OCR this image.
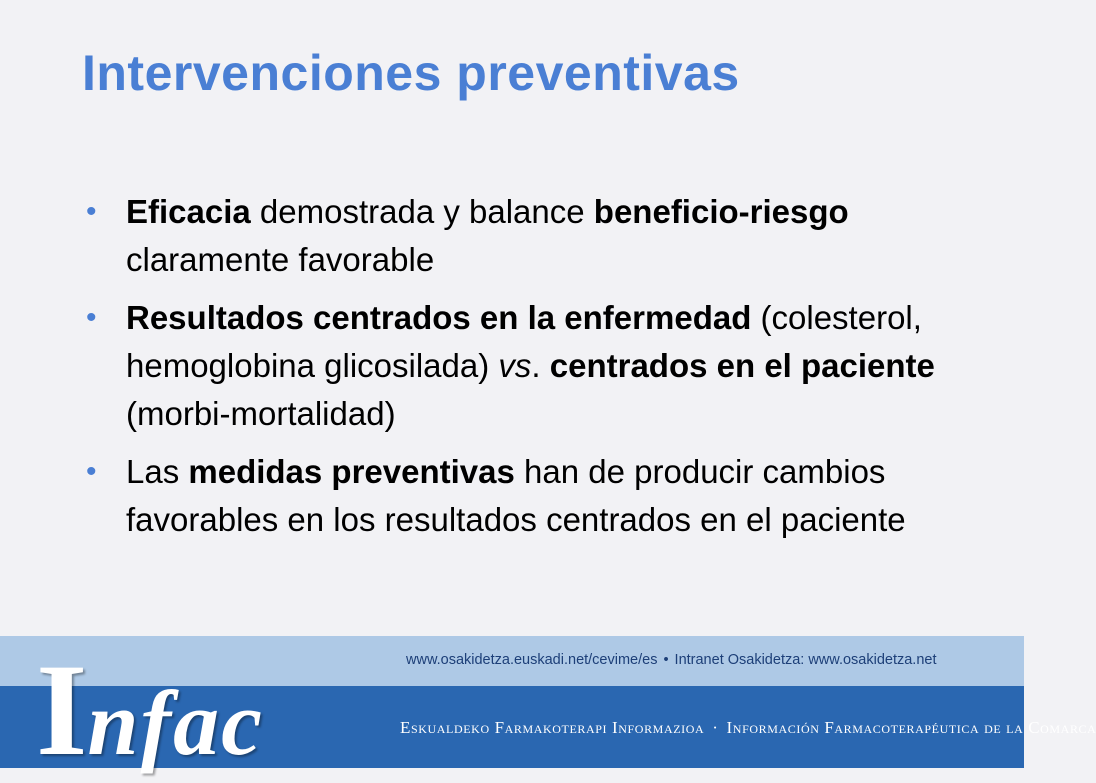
Intervenciones preventivas
• Eficacia demostrada y balance beneficio-riesgo claramente favorable
• Resultados centrados en la enfermedad (colesterol, hemoglobina glicosilada) vs. centrados en el paciente (morbi-mortalidad)
• Las medidas preventivas han de producir cambios favorables en los resultados centrados en el paciente
www.osakidetza.euskadi.net/cevime/es • Intranet Osakidetza: www.osakidetza.net
Eskualdeko Farmakoterapi Informazioa · Información Farmacoterapéutica de la Comarca
Infac
